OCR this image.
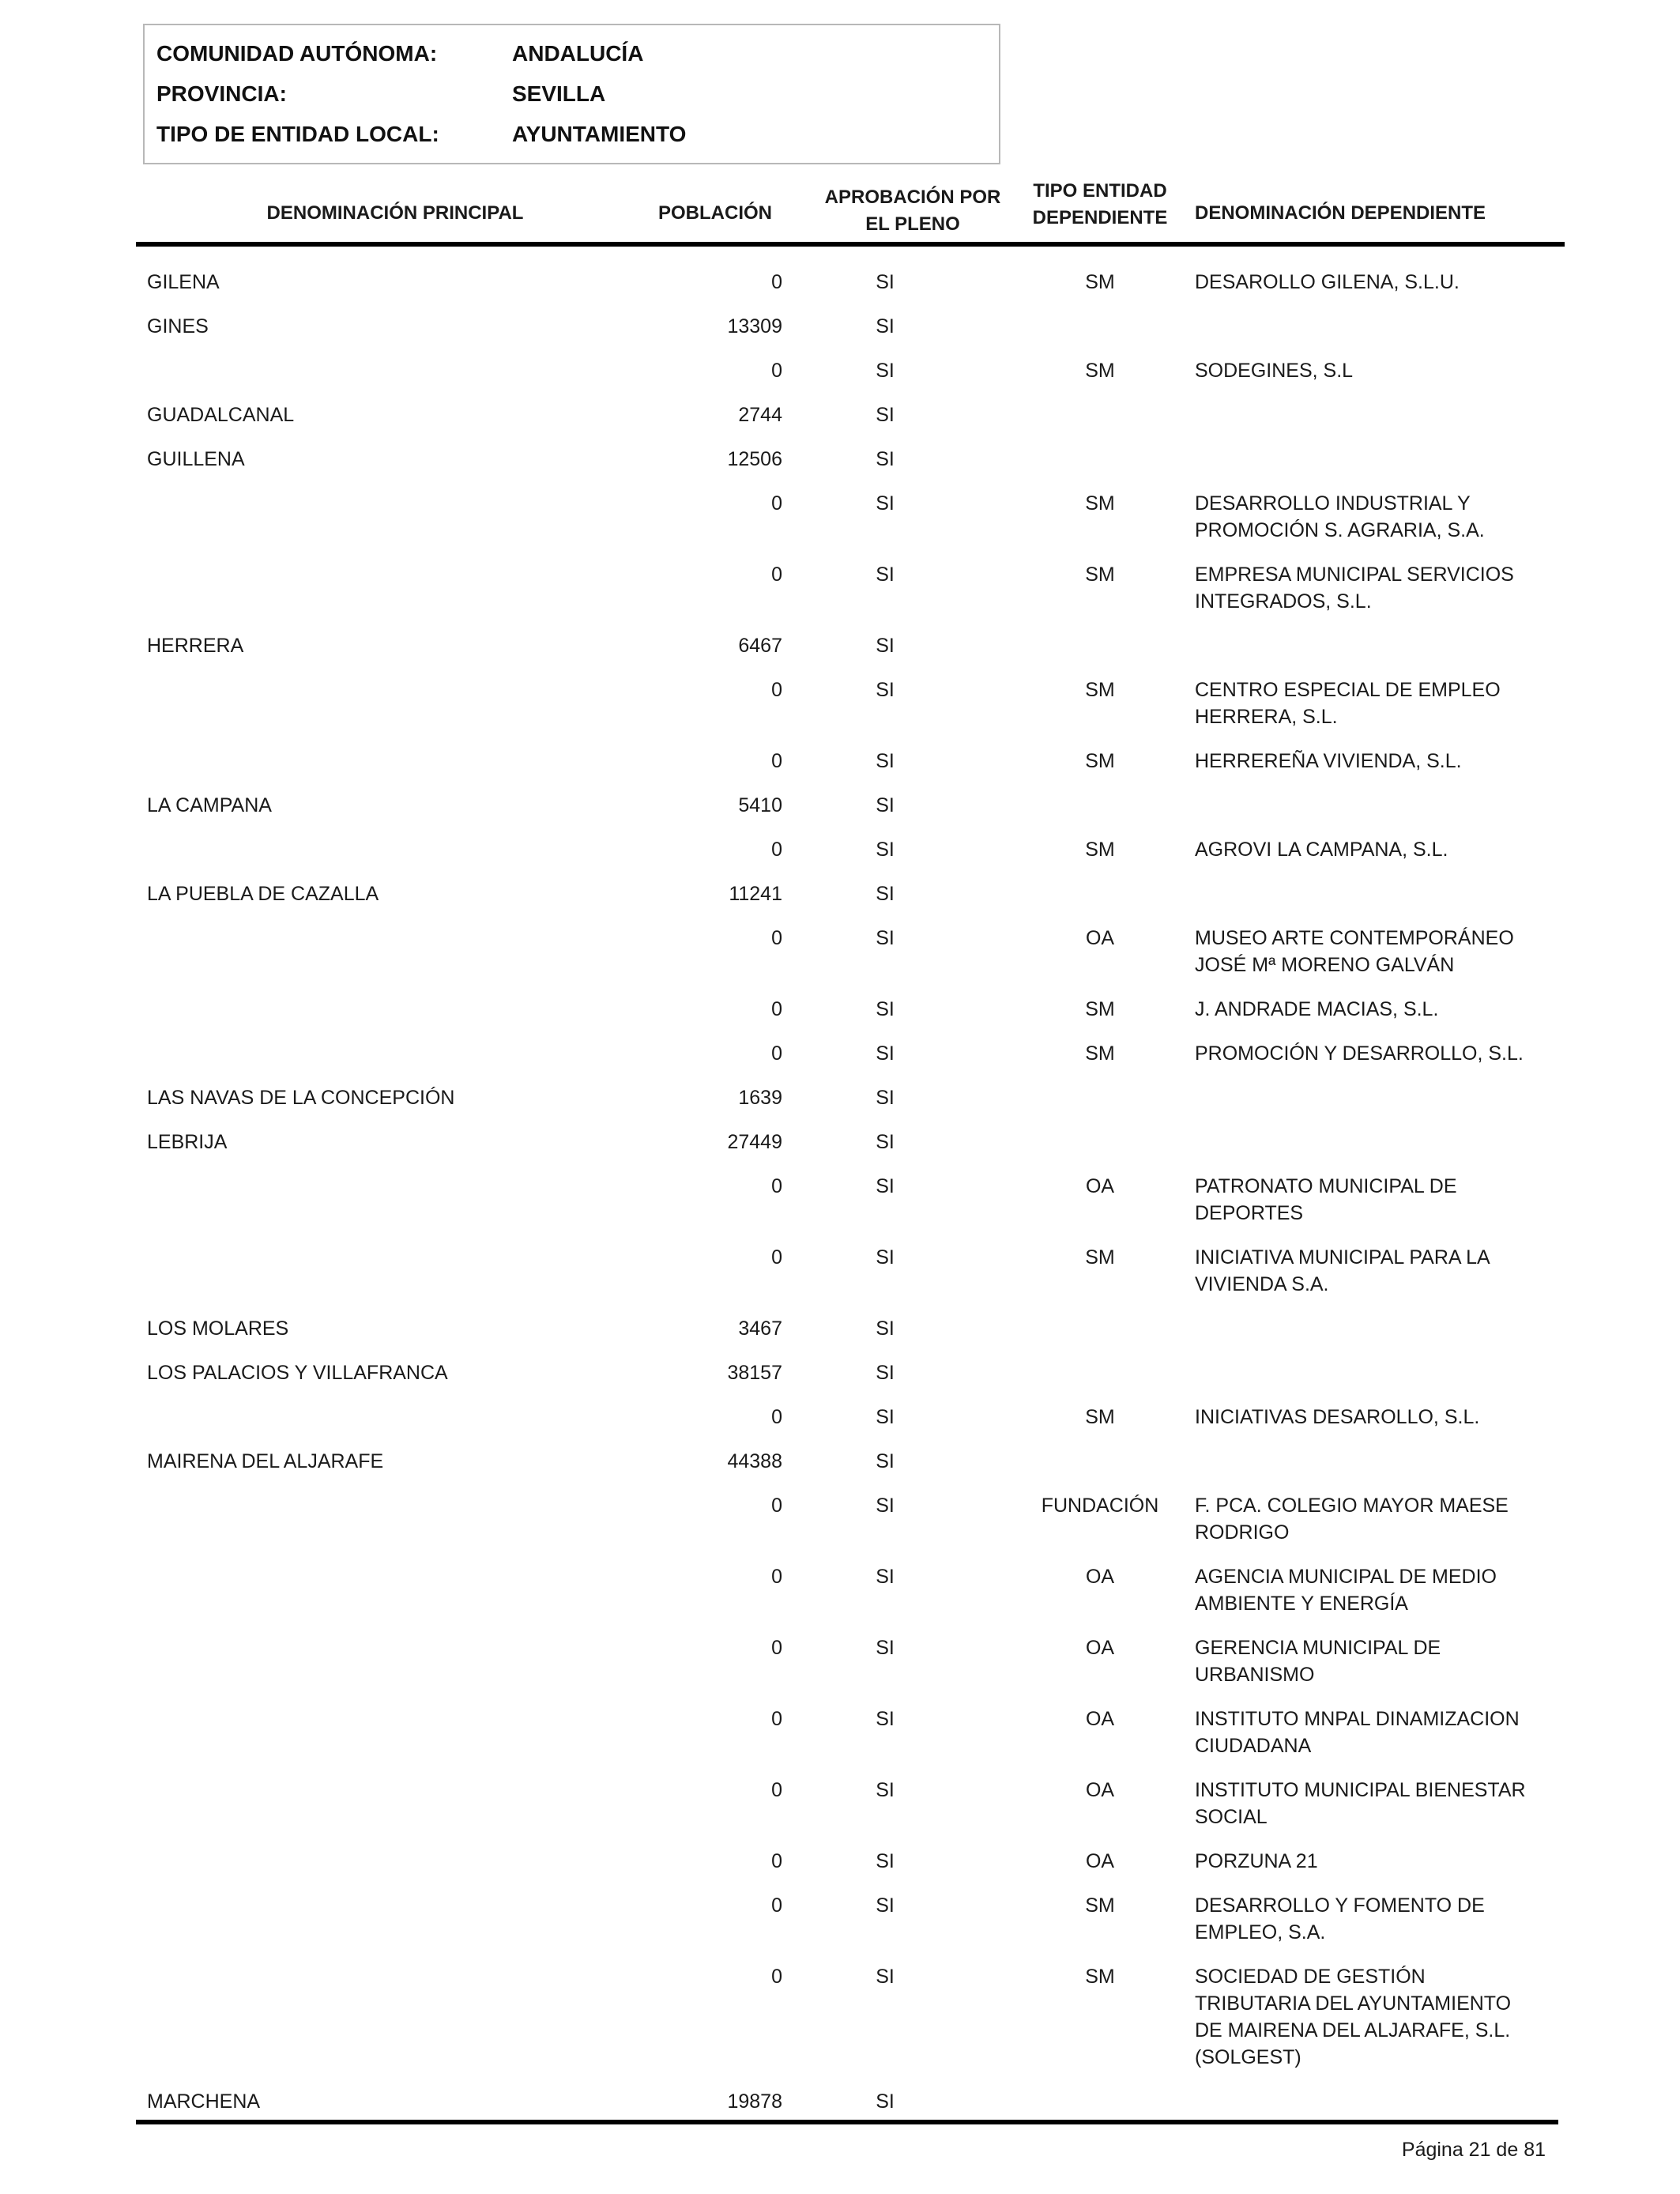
COMUNIDAD AUTÓNOMA:	ANDALUCÍA
PROVINCIA:	SEVILLA
TIPO DE ENTIDAD LOCAL:	AYUNTAMIENTO
DENOMINACIÓN PRINCIPAL	POBLACIÓN
APROBACIÓN POR
EL PLENO
TIPO ENTIDAD
DEPENDIENTE	DENOMINACIÓN DEPENDIENTE
GILENA	0	SI	SM	DESAROLLO GILENA, S.L.U.
GINES	13309	SI
0	SI	SM	SODEGINES, S.L
GUADALCANAL	2744	SI
GUILLENA	12506	SI
0	SI	SM	DESARROLLO INDUSTRIAL Y PROMOCIÓN S. AGRARIA, S.A.
0	SI	SM	EMPRESA MUNICIPAL SERVICIOS INTEGRADOS, S.L.
HERRERA	6467	SI
0	SI	SM	CENTRO ESPECIAL DE EMPLEO HERRERA, S.L.
0	SI	SM	HERREREÑA VIVIENDA, S.L.
LA CAMPANA	5410	SI
0	SI	SM	AGROVI LA CAMPANA, S.L.
LA PUEBLA DE CAZALLA	11241	SI
0	SI	OA	MUSEO ARTE CONTEMPORÁNEO JOSÉ Mª MORENO GALVÁN
0	SI	SM	J. ANDRADE MACIAS, S.L.
0	SI	SM	PROMOCIÓN Y DESARROLLO, S.L.
LAS NAVAS DE LA CONCEPCIÓN	1639	SI
LEBRIJA	27449	SI
0	SI	OA	PATRONATO MUNICIPAL DE DEPORTES
0	SI	SM	INICIATIVA MUNICIPAL PARA LA VIVIENDA S.A.
LOS MOLARES	3467	SI
LOS PALACIOS Y VILLAFRANCA	38157	SI
0	SI	SM	INICIATIVAS DESAROLLO, S.L.
MAIRENA DEL ALJARAFE	44388	SI
0	SI	FUNDACIÓN	F. PCA. COLEGIO MAYOR MAESE RODRIGO
0	SI	OA	AGENCIA MUNICIPAL DE MEDIO AMBIENTE Y ENERGÍA
0	SI	OA	GERENCIA MUNICIPAL DE URBANISMO
0	SI	OA	INSTITUTO MNPAL DINAMIZACION CIUDADANA
0	SI	OA	INSTITUTO MUNICIPAL BIENESTAR SOCIAL
0	SI	OA	PORZUNA 21
0	SI	SM	DESARROLLO Y FOMENTO DE EMPLEO, S.A.
0	SI	SM	SOCIEDAD DE GESTIÓN TRIBUTARIA DEL AYUNTAMIENTO DE MAIRENA DEL ALJARAFE, S.L. (SOLGEST)
MARCHENA	19878	SI
Página 21 de 81
